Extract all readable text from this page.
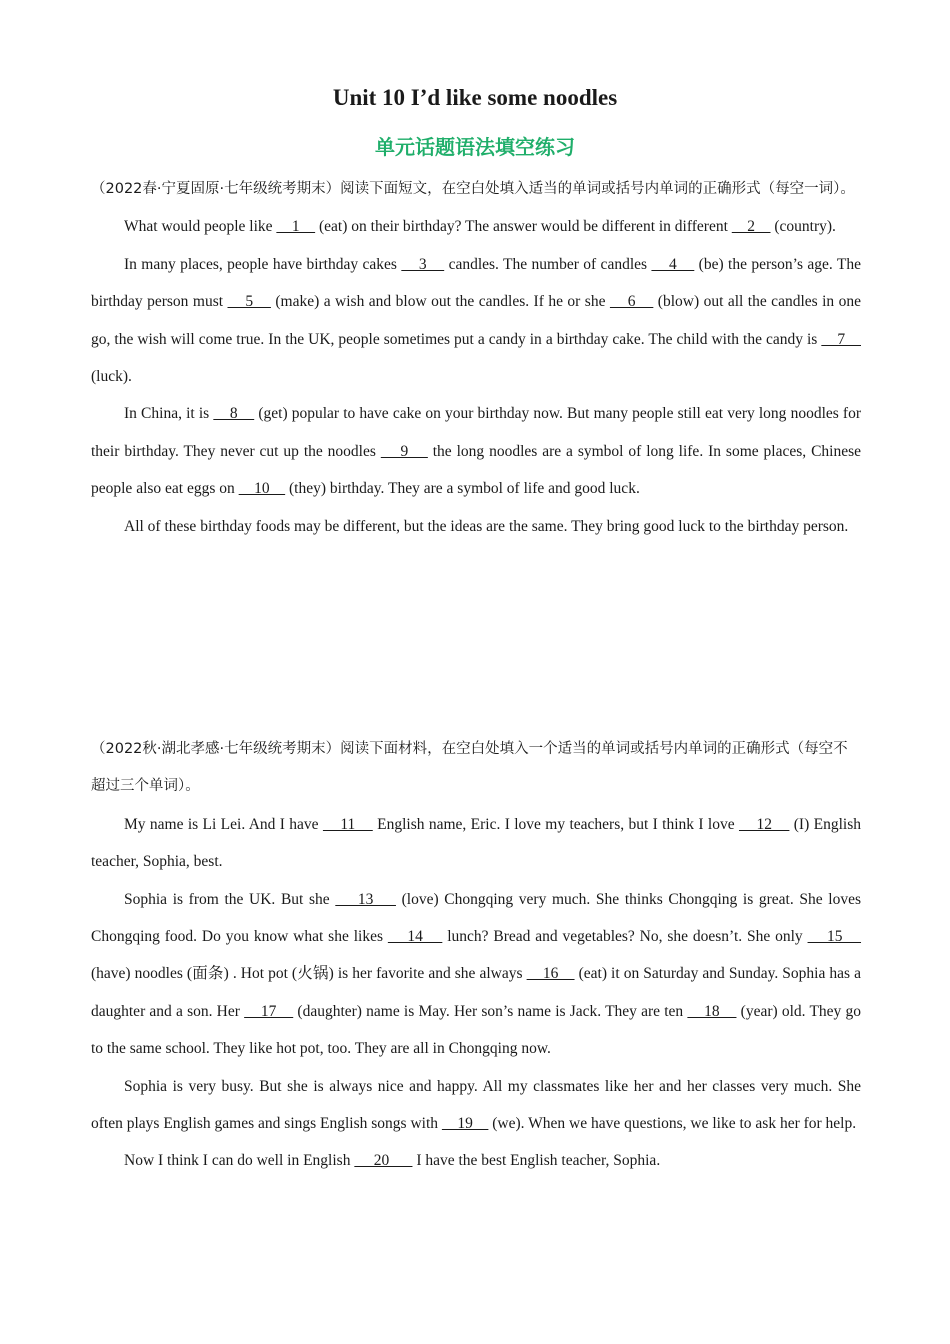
Unit 10 I’d like some noodles
单元话题语法填空练习

（2022春·宁夏固原·七年级统考期末）阅读下面短文，在空白处填入适当的单词或括号内单词的正确形式（每空一词）。

What would people like     1     (eat) on their birthday? The answer would be different in different     2     (country).

In many places, people have birthday cakes     3     candles. The number of candles     4     (be) the person’s age. The birthday person must     5     (make) a wish and blow out the candles. If he or she     6     (blow) out all the candles in one go, the wish will come true. In the UK, people sometimes put a candy in a birthday cake. The child with the candy is     7     (luck).

In China, it is     8     (get) popular to have cake on your birthday now. But many people still eat very long noodles for their birthday. They never cut up the noodles     9     the long noodles are a symbol of long life. In some places, Chinese people also eat eggs on     10     (they) birthday. They are a symbol of life and good luck.

All of these birthday foods may be different, but the ideas are the same. They bring good luck to the birthday person.

（2022秋·湖北孝感·七年级统考期末）阅读下面材料，在空白处填入一个适当的单词或括号内单词的正确形式（每空不超过三个单词）。

My name is Li Lei. And I have     11     English name, Eric. I love my teachers, but I think I love     12     (I) English teacher, Sophia, best.

Sophia is from the UK. But she     13     (love) Chongqing very much. She thinks Chongqing is great. She loves Chongqing food. Do you know what she likes     14     lunch? Bread and vegetables? No, she doesn’t. She only     15     (have) noodles (面条) . Hot pot (火锅) is her favorite and she always     16     (eat) it on Saturday and Sunday. Sophia has a daughter and a son. Her     17     (daughter) name is May. Her son’s name is Jack. They are ten     18     (year) old. They go to the same school. They like hot pot, too. They are all in Chongqing now.

Sophia is very busy. But she is always nice and happy. All my classmates like her and her classes very much. She often plays English games and sings English songs with     19     (we). When we have questions, we like to ask her for help.

Now I think I can do well in English      20       I have the best English teacher, Sophia.
